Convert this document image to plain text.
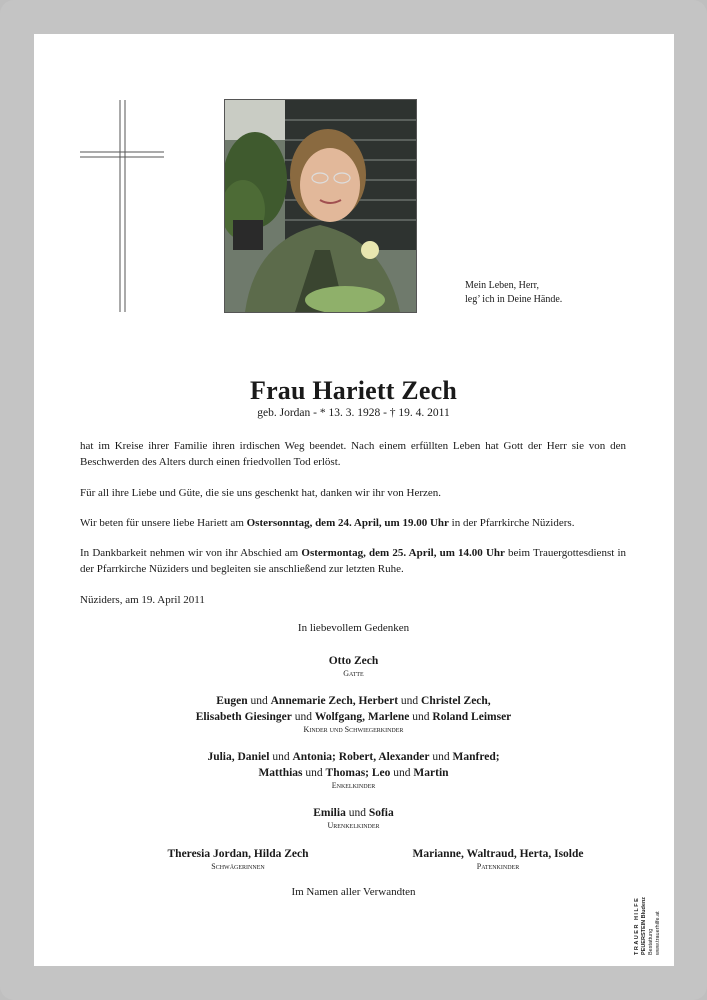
Mein Leben, Herr,
leg’ ich in Deine Hände.
Frau Hariett Zech
geb. Jordan - * 13. 3. 1928 - † 19. 4. 2011
hat im Kreise ihrer Familie ihren irdischen Weg beendet. Nach einem erfüllten Leben hat Gott der Herr sie von den Beschwerden des Alters durch einen friedvollen Tod erlöst.
Für all ihre Liebe und Güte, die sie uns geschenkt hat, danken wir ihr von Herzen.
Wir beten für unsere liebe Hariett am Ostersonntag, dem 24. April, um 19.00 Uhr in der Pfarrkirche Nüziders.
In Dankbarkeit nehmen wir von ihr Abschied am Ostermontag, dem 25. April, um 14.00 Uhr beim Trauergottesdienst in der Pfarrkirche Nüziders und begleiten sie anschließend zur letzten Ruhe.
Nüziders, am 19. April 2011
In liebevollem Gedenken
Otto Zech
Gatte
Eugen und Annemarie Zech, Herbert und Christel Zech,
Elisabeth Giesinger und Wolfgang, Marlene und Roland Leimser
Kinder und Schwiegerkinder
Julia, Daniel und Antonia; Robert, Alexander und Manfred;
Matthias und Thomas; Leo und Martin
Enkelkinder
Emilia und Sofia
Urenkelkinder
Theresia Jordan, Hilda Zech
Schwägerinnen
Marianne, Waltraud, Herta, Isolde
Patenkinder
Im Namen aller Verwandten
TRAUER HILFE PEUERSTEIN Bludenz Bestattung www.trauerhilfe.at
